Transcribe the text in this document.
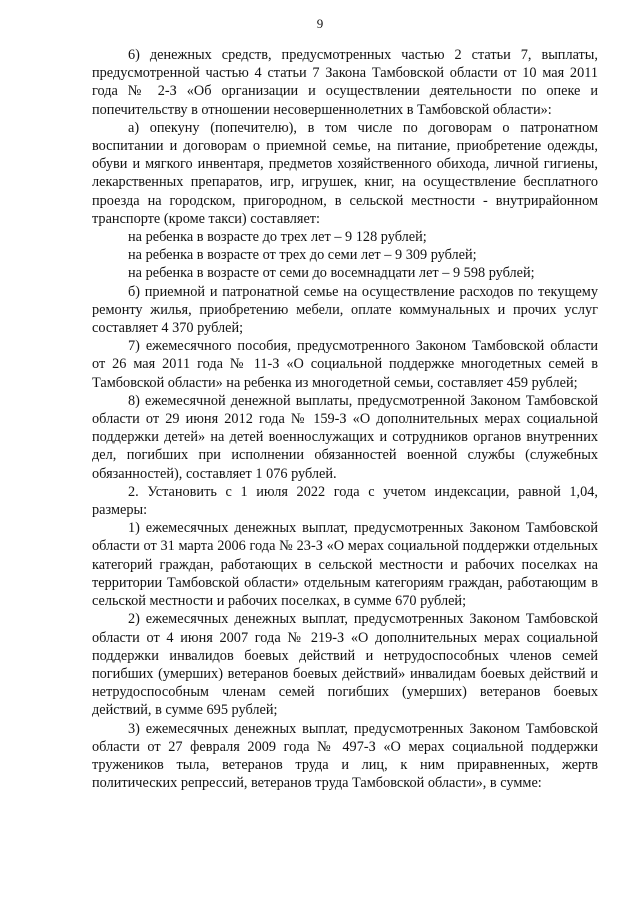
9

6) денежных средств, предусмотренных частью 2 статьи 7, выплаты, предусмотренной частью 4 статьи 7 Закона Тамбовской области от 10 мая 2011 года № 2-З «Об организации и осуществлении деятельности по опеке и попечительству в отношении несовершеннолетних в Тамбовской области»:

а) опекуну (попечителю), в том числе по договорам о патронатном воспитании и договорам о приемной семье, на питание, приобретение одежды, обуви и мягкого инвентаря, предметов хозяйственного обихода, личной гигиены, лекарственных препаратов, игр, игрушек, книг, на осуществление бесплатного проезда на городском, пригородном, в сельской местности - внутрирайонном транспорте (кроме такси) составляет:

на ребенка в возрасте до трех лет – 9 128 рублей;

на ребенка в возрасте от трех до семи лет – 9 309 рублей;

на ребенка в возрасте от семи до восемнадцати лет – 9 598 рублей;

б) приемной и патронатной семье на осуществление расходов по текущему ремонту жилья, приобретению мебели, оплате коммунальных и прочих услуг составляет 4 370 рублей;

7) ежемесячного пособия, предусмотренного Законом Тамбовской области от 26 мая 2011 года № 11-З «О социальной поддержке многодетных семей в Тамбовской области» на ребенка из многодетной семьи, составляет 459 рублей;

8) ежемесячной денежной выплаты, предусмотренной Законом Тамбовской области от 29 июня 2012 года № 159-З «О дополнительных мерах социальной поддержки детей» на детей военнослужащих и сотрудников органов внутренних дел, погибших при исполнении обязанностей военной службы (служебных обязанностей), составляет 1 076 рублей.

2. Установить с 1 июля 2022 года с учетом индексации, равной 1,04, размеры:

1) ежемесячных денежных выплат, предусмотренных Законом Тамбовской области от 31 марта 2006 года № 23-З «О мерах социальной поддержки отдельных категорий граждан, работающих в сельской местности и рабочих поселках на территории Тамбовской области» отдельным категориям граждан, работающим в сельской местности и рабочих поселках, в сумме 670 рублей;

2) ежемесячных денежных выплат, предусмотренных Законом Тамбовской области от 4 июня 2007 года № 219-З «О дополнительных мерах социальной поддержки инвалидов боевых действий и нетрудоспособных членов семей погибших (умерших) ветеранов боевых действий» инвалидам боевых действий и нетрудоспособным членам семей погибших (умерших) ветеранов боевых действий, в сумме 695 рублей;

3) ежемесячных денежных выплат, предусмотренных Законом Тамбовской области от 27 февраля 2009 года № 497-З «О мерах социальной поддержки тружеников тыла, ветеранов труда и лиц, к ним приравненных, жертв политических репрессий, ветеранов труда Тамбовской области», в сумме:
